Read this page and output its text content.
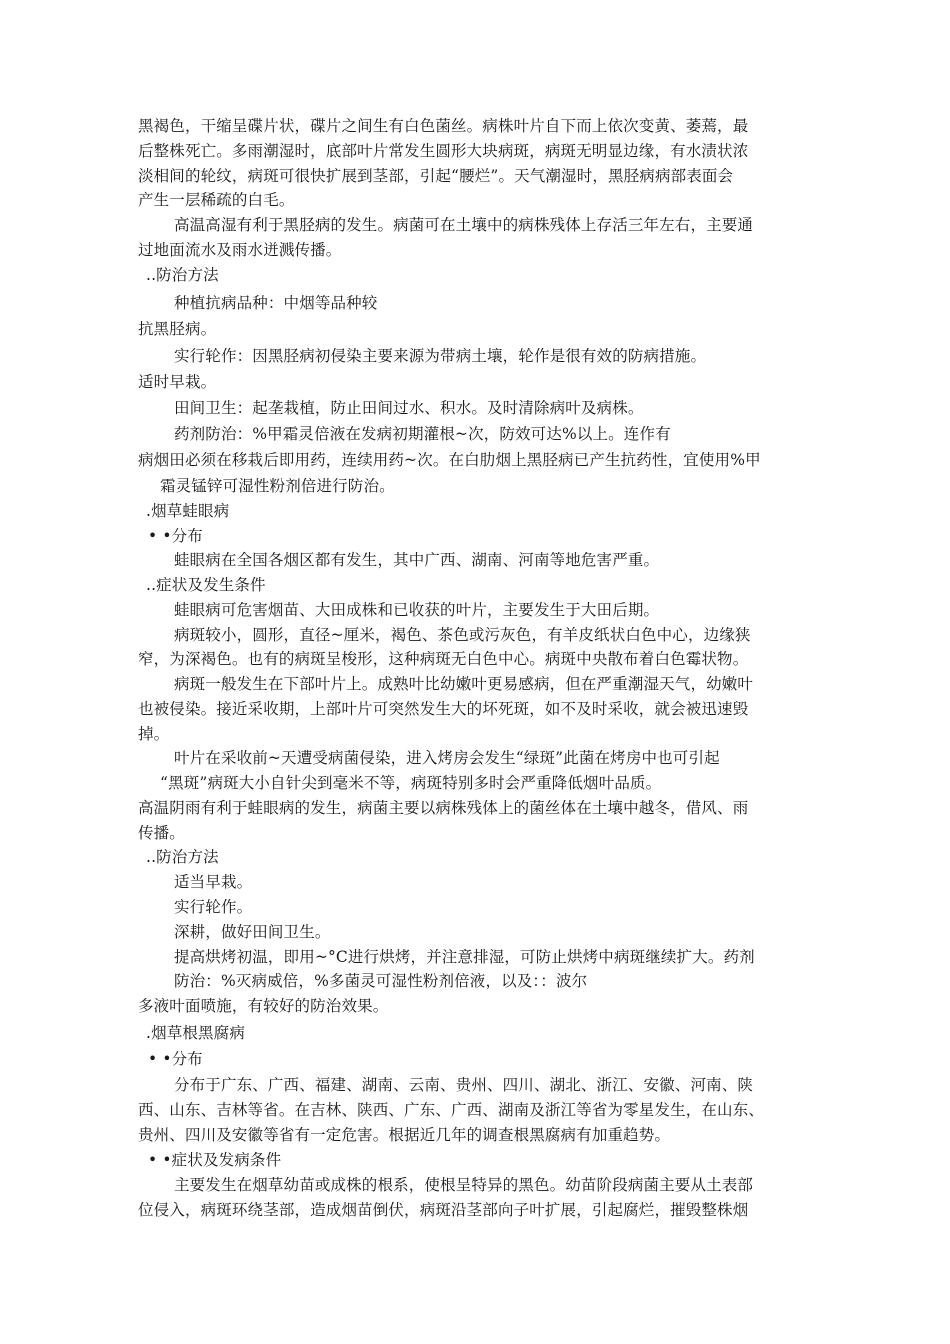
黑褐色，干缩呈碟片状，碟片之间生有白色菌丝。病株叶片自下而上依次变黄、萎蔫，最
后整株死亡。多雨潮湿时，底部叶片常发生圆形大块病斑，病斑无明显边缘，有水渍状浓
淡相间的轮纹，病斑可很快扩展到茎部，引起“腰烂”。天气潮湿时，黑胫病病部表面会
产生一层稀疏的白毛。
高温高湿有利于黑胫病的发生。病菌可在土壤中的病株残体上存活三年左右，主要通
过地面流水及雨水迸溅传播。
..防治方法
种植抗病品种：中烟等品种较
抗黑胫病。
实行轮作：因黑胫病初侵染主要来源为带病土壤，轮作是很有效的防病措施。
适时早栽。
田间卫生：起垄栽植，防止田间过水、积水。及时清除病叶及病株。
药剂防治：%甲霜灵倍液在发病初期灌根~次，防效可达%以上。连作有
病烟田必须在移栽后即用药，连续用药~次。在白肋烟上黑胫病已产生抗药性，宜使用%甲
霜灵锰锌可湿性粉剂倍进行防治。
.烟草蛙眼病
• •分布
蛙眼病在全国各烟区都有发生，其中广西、湖南、河南等地危害严重。
..症状及发生条件
蛙眼病可危害烟苗、大田成株和已收获的叶片，主要发生于大田后期。
病斑较小，圆形，直径~厘米，褐色、茶色或污灰色，有羊皮纸状白色中心，边缘狭
窄，为深褐色。也有的病斑呈梭形，这种病斑无白色中心。病斑中央散布着白色霉状物。
病斑一般发生在下部叶片上。成熟叶比幼嫩叶更易感病，但在严重潮湿天气，幼嫩叶
也被侵染。接近采收期，上部叶片可突然发生大的坏死斑，如不及时采收，就会被迅速毁
掉。
叶片在采收前~天遭受病菌侵染，进入烤房会发生“绿斑”此菌在烤房中也可引起
“黑斑”病斑大小自针尖到毫米不等，病斑特别多时会严重降低烟叶品质。
高温阴雨有利于蛙眼病的发生，病菌主要以病株残体上的菌丝体在土壤中越冬，借风、雨
传播。
..防治方法
适当早栽。
实行轮作。
深耕，做好田间卫生。
提高烘烤初温，即用~°C进行烘烤，并注意排湿，可防止烘烤中病斑继续扩大。药剂
防治：%灭病威倍，%多菌灵可湿性粉剂倍液，以及：：波尔
多液叶面喷施，有较好的防治效果。
.烟草根黑腐病
• •分布
分布于广东、广西、福建、湖南、云南、贵州、四川、湖北、浙江、安徽、河南、陕
西、山东、吉林等省。在吉林、陕西、广东、广西、湖南及浙江等省为零星发生，在山东、
贵州、四川及安徽等省有一定危害。根据近几年的调查根黑腐病有加重趋势。
• •症状及发病条件
主要发生在烟草幼苗或成株的根系，使根呈特异的黑色。幼苗阶段病菌主要从土表部
位侵入，病斑环绕茎部，造成烟苗倒伏，病斑沿茎部向子叶扩展，引起腐烂，摧毁整株烟
